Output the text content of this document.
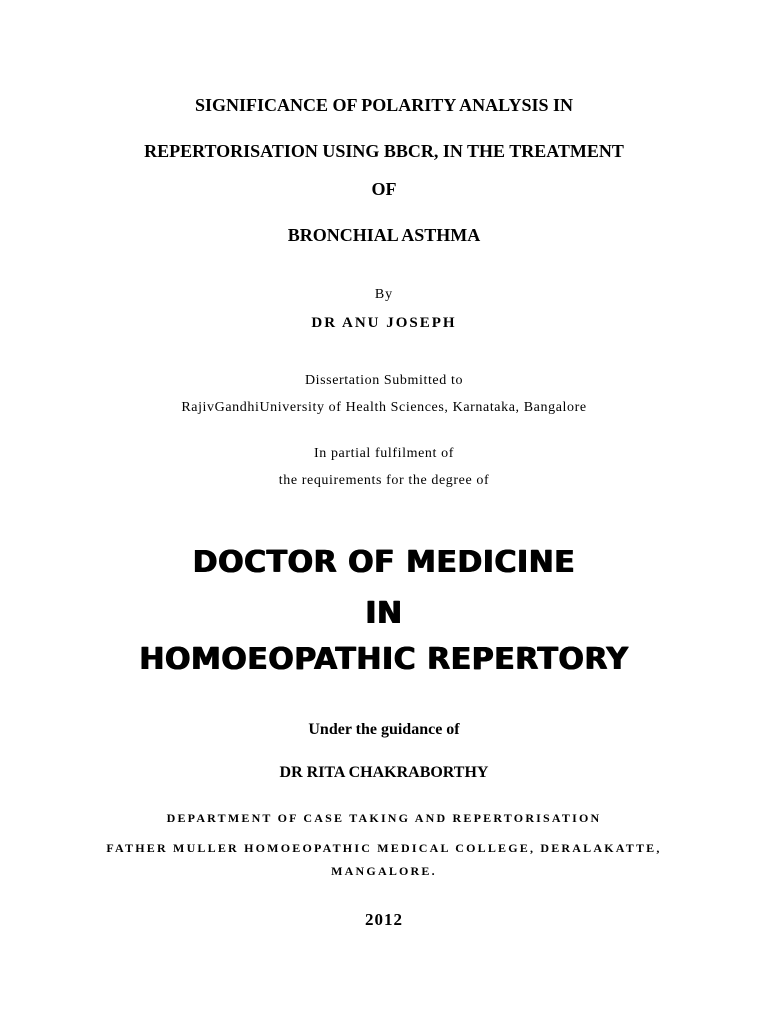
SIGNIFICANCE OF POLARITY ANALYSIS IN
REPERTORISATION USING BBCR, IN THE TREATMENT
OF
BRONCHIAL ASTHMA
By
DR ANU JOSEPH
Dissertation Submitted to
RajivGandhiUniversity of Health Sciences, Karnataka, Bangalore
In partial fulfilment of
the requirements for the degree of
DOCTOR OF MEDICINE
IN
HOMOEOPATHIC REPERTORY
Under the guidance of
DR RITA CHAKRABORTHY
DEPARTMENT OF CASE TAKING AND REPERTORISATION
FATHER MULLER HOMOEOPATHIC MEDICAL COLLEGE, DERALAKATTE,
MANGALORE.
2012
